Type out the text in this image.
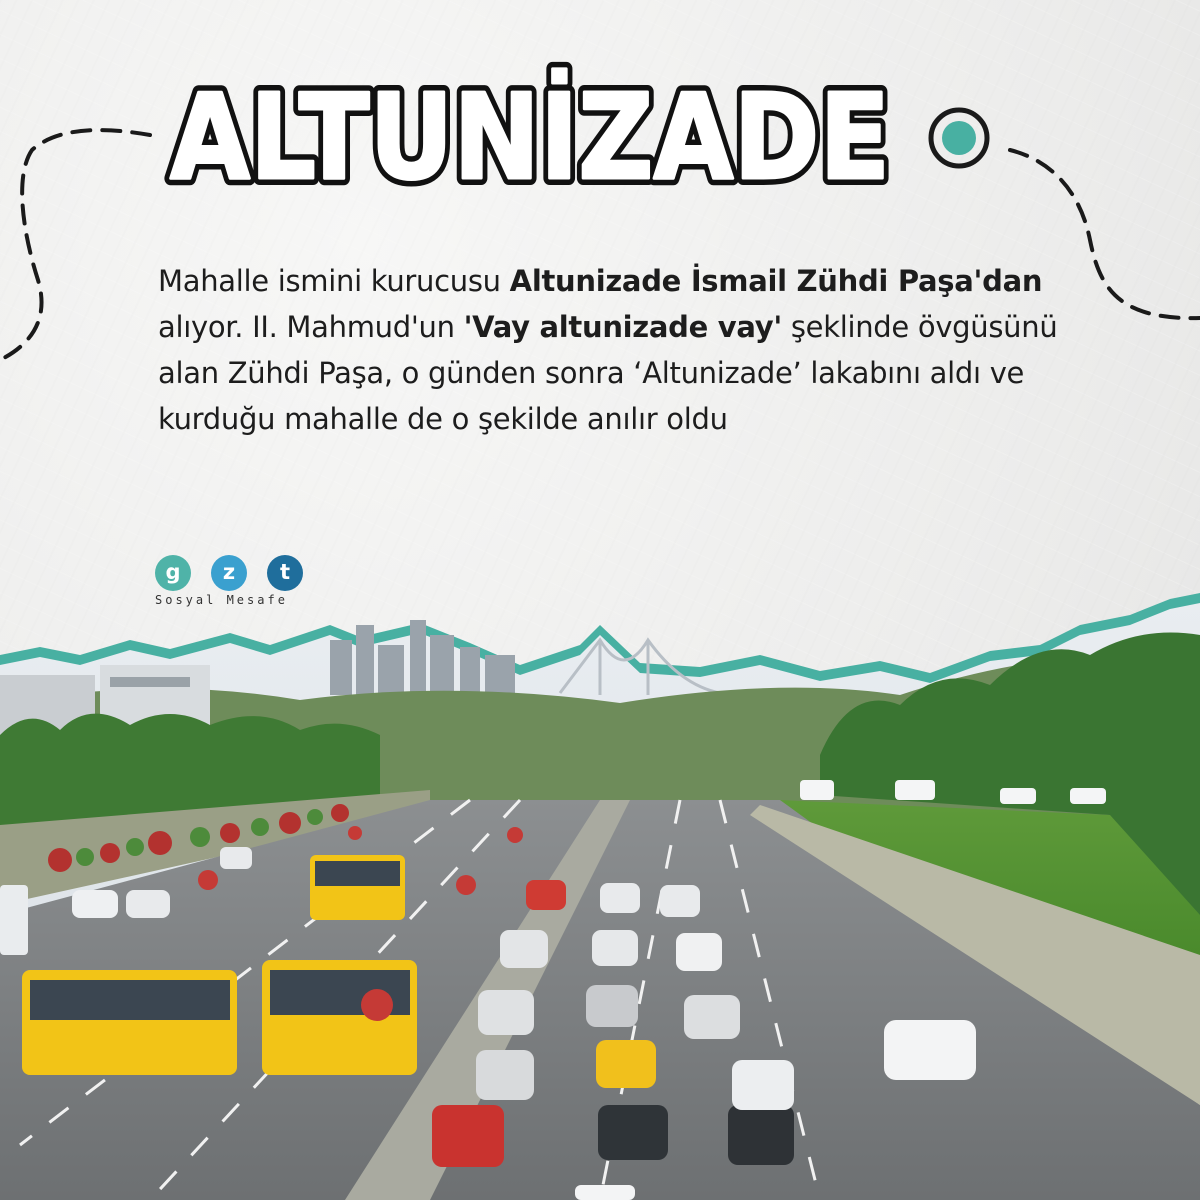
ALTUNİZADE
ALTUNİZADE

Mahalle ismini kurucusu Altunizade İsmail Zühdi Paşa'dan alıyor. II. Mahmud'un 'Vay altunizade vay' şeklinde övgüsünü alan Zühdi Paşa, o günden sonra ‘Altunizade’ lakabını aldı ve kurduğu mahalle de o şekilde anılır oldu

g	z	t
Sosyal Mesafe
